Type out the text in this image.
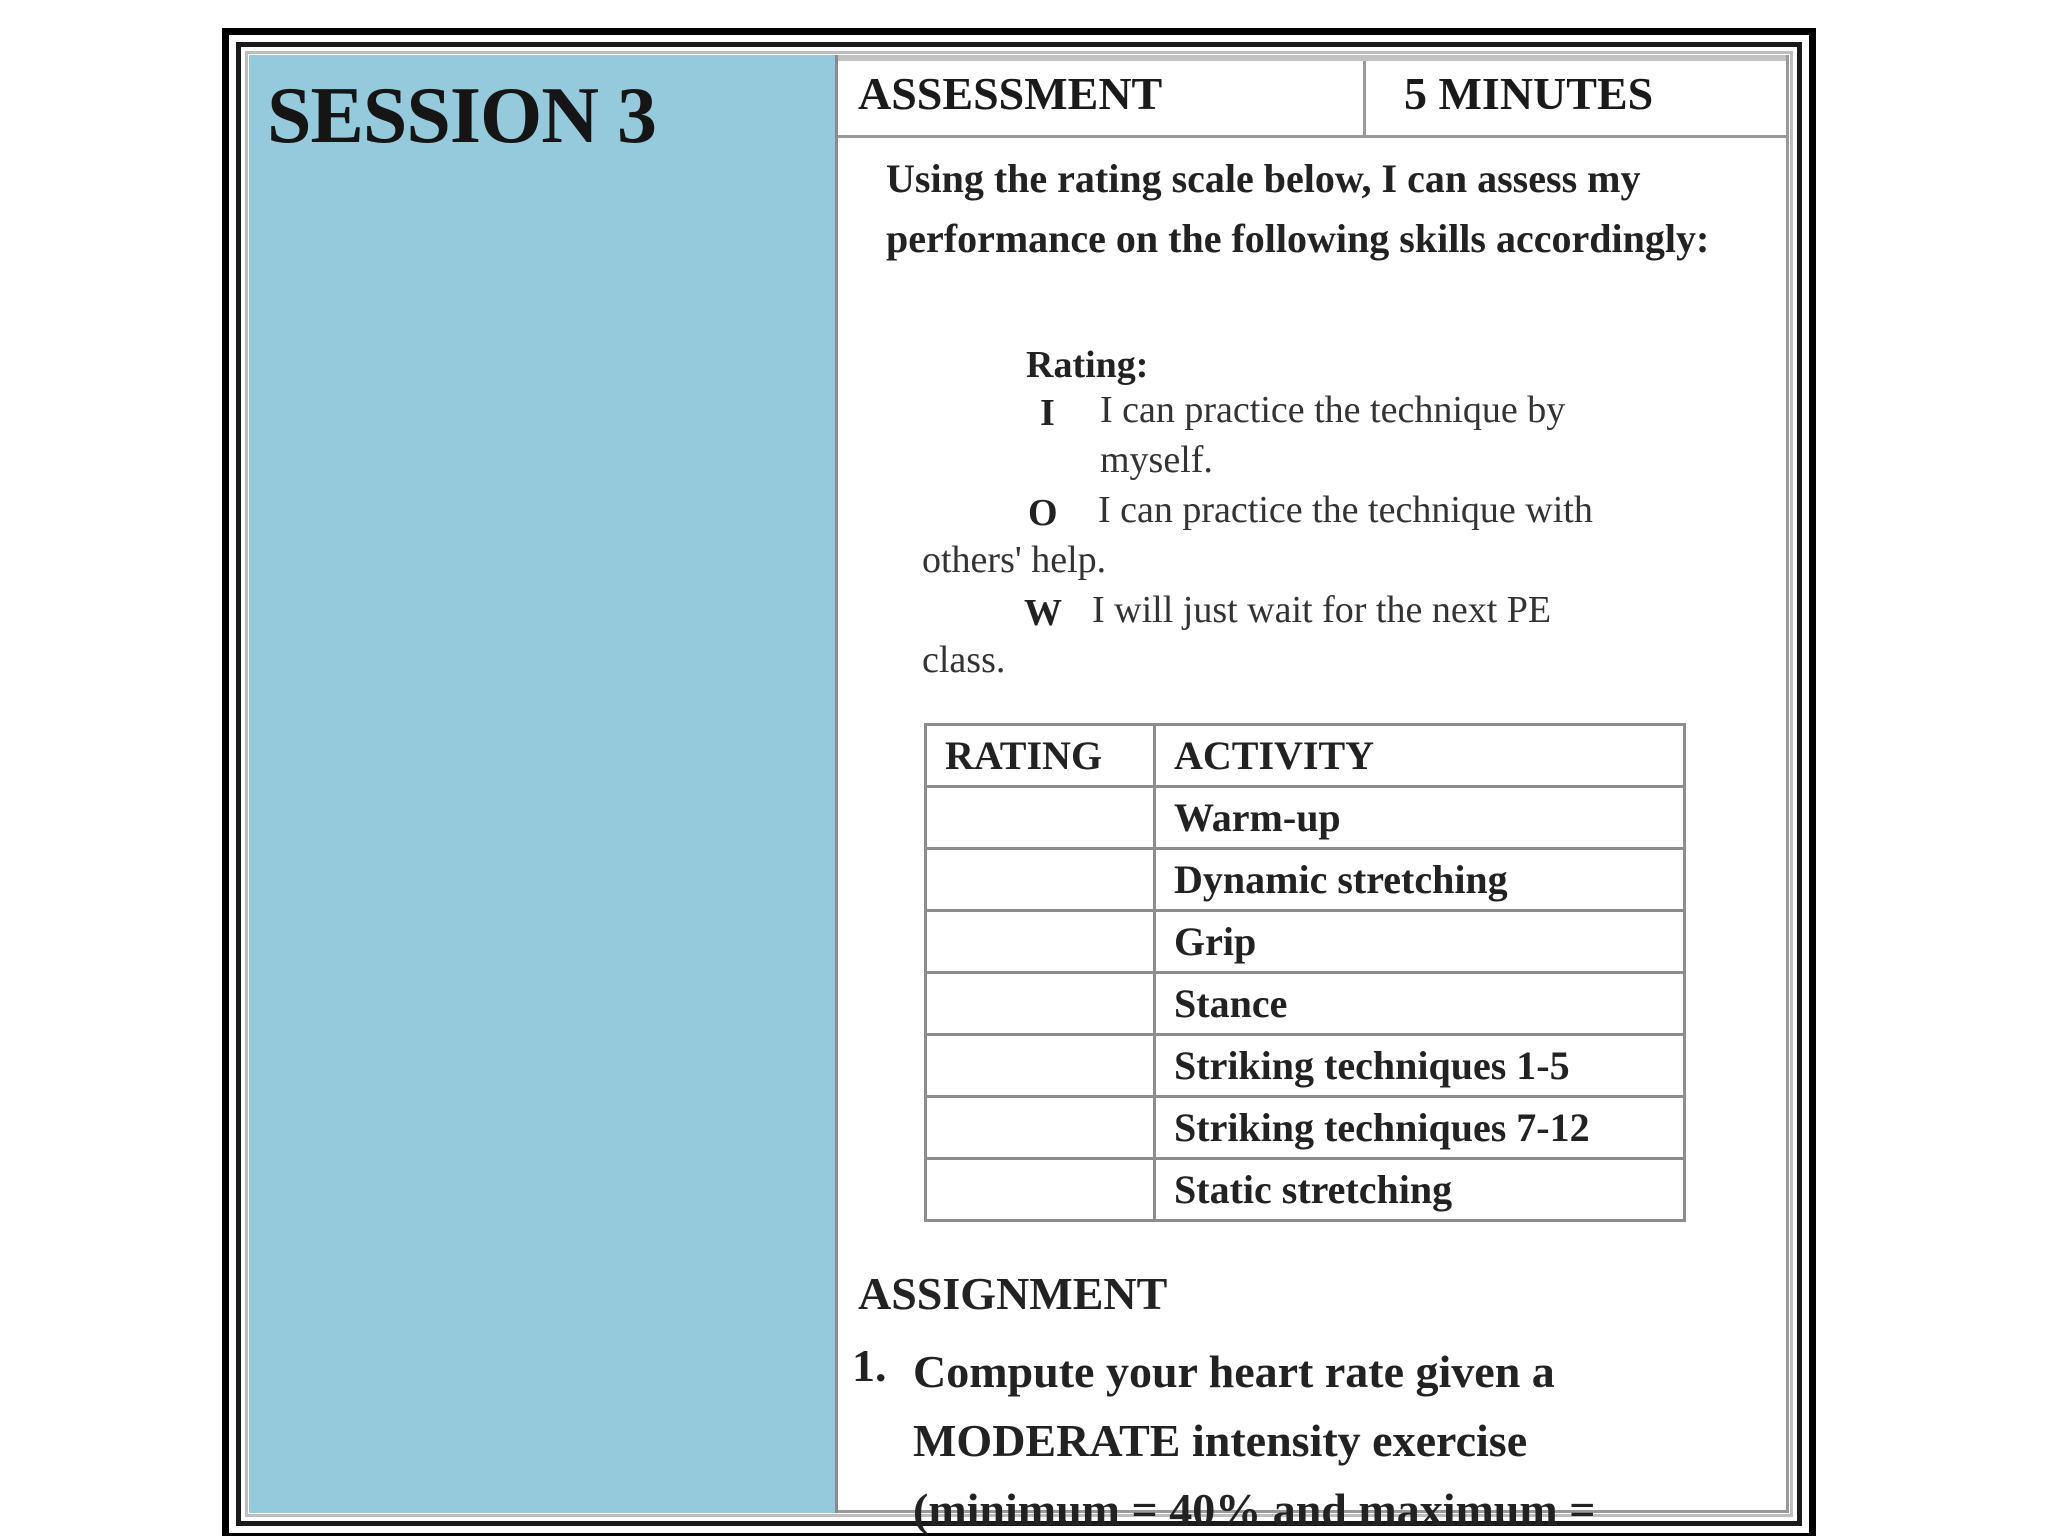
SESSION 3	ASSESSMENT	5 MINUTES
Using the rating scale below, I can assess my performance on the following skills accordingly:
Rating:
I I can practice the technique by
myself.
O I can practice the technique with
others' help.
W I will just wait for the next PE
class.
RATING	ACTIVITY
	Warm-up
	Dynamic stretching
	Grip
	Stance
	Striking techniques 1-5
	Striking techniques 7-12
	Static stretching
ASSIGNMENT
1. Compute your heart rate given a MODERATE intensity exercise (minimum = 40% and maximum =
